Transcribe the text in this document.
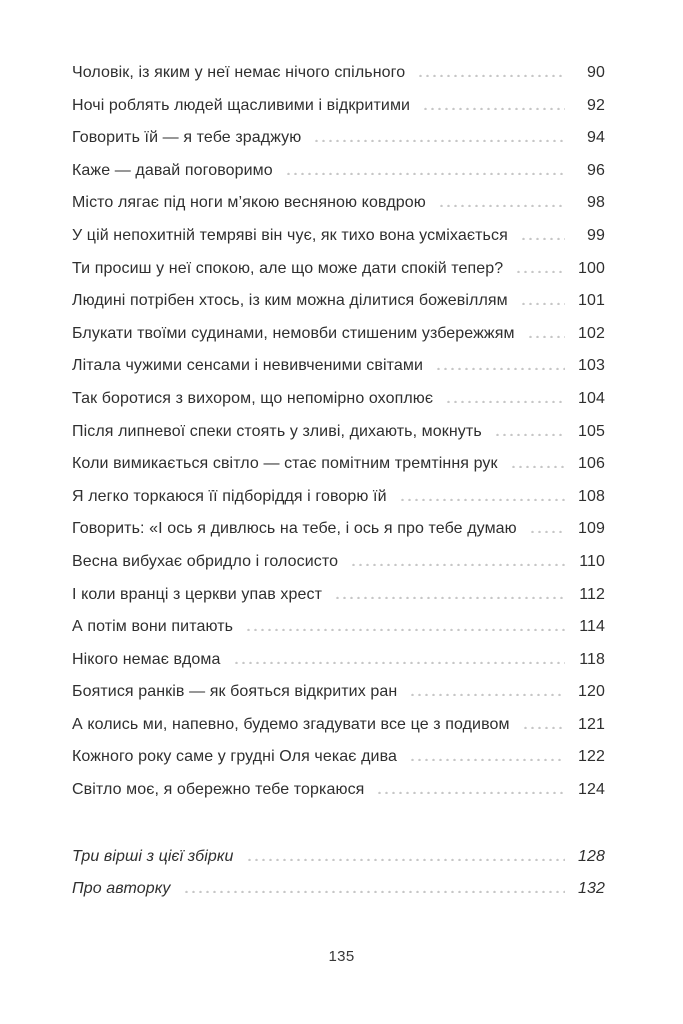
Чоловік, із яким у неї немає нічого спільного	90
Ночі роблять людей щасливими і відкритими	92
Говорить їй — я тебе зраджую	94
Каже — давай поговоримо	96
Місто лягає під ноги м’якою весняною ковдрою	98
У цій непохитній темряві він чує, як тихо вона усміхається	99
Ти просиш у неї спокою, але що може дати спокій тепер?	100
Людині потрібен хтось, із ким можна ділитися божевіллям	101
Блукати твоїми судинами, немовби стишеним узбережжям	102
Літала чужими сенсами і невивченими світами	103
Так боротися з вихором, що непомірно охоплює	104
Після липневої спеки стоять у зливі, дихають, мокнуть	105
Коли вимикається світло — стає помітним тремтіння рук	106
Я легко торкаюся її підборіддя і говорю їй	108
Говорить: «І ось я дивлюсь на тебе, і ось я про тебе думаю	109
Весна вибухає обридло і голосисто	110
І коли вранці з церкви упав хрест	112
А потім вони питають	114
Нікого немає вдома	118
Боятися ранків — як бояться відкритих ран	120
А колись ми, напевно, будемо згадувати все це з подивом	121
Кожного року саме у грудні Оля чекає дива	122
Світло моє, я обережно тебе торкаюся	124
Три вірші з цієї збірки	128
Про авторку	132
135
